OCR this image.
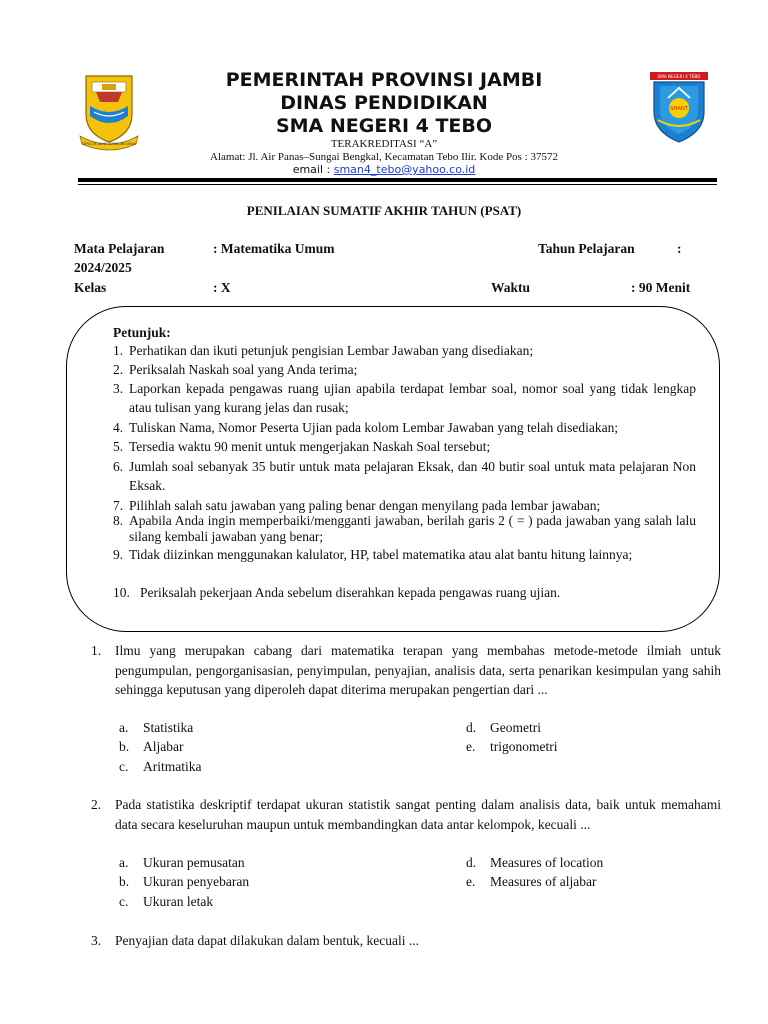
SEPUCUK JAMBI SEMBILAN LURAH
SMA NEGERI 4 TEBO
SMANT
PEMERINTAH PROVINSI JAMBI
DINAS PENDIDIKAN
SMA NEGERI 4 TEBO
TERAKREDITASI “A”
Alamat: Jl. Air Panas–Sungai Bengkal, Kecamatan Tebo Ilir. Kode Pos : 37572
email : sman4_tebo@yahoo.co.id
PENILAIAN SUMATIF AKHIR TAHUN (PSAT)
Mata Pelajaran	: Matematika Umum	Tahun Pelajaran	:
2024/2025
Kelas	: X	Waktu	: 90 Menit
Petunjuk:
1. Perhatikan dan ikuti petunjuk pengisian Lembar Jawaban yang disediakan;
2. Periksalah Naskah soal yang Anda terima;
3. Laporkan kepada pengawas ruang ujian apabila terdapat lembar soal, nomor soal yang tidak lengkap atau tulisan yang kurang jelas dan rusak;
4. Tuliskan Nama, Nomor Peserta Ujian pada kolom Lembar Jawaban yang telah disediakan;
5. Tersedia waktu 90 menit untuk mengerjakan Naskah Soal tersebut;
6. Jumlah soal sebanyak 35 butir untuk mata pelajaran Eksak, dan 40 butir soal untuk mata pelajaran Non Eksak.
7. Pilihlah salah satu jawaban yang paling benar dengan menyilang pada lembar jawaban;
8. Apabila Anda ingin memperbaiki/mengganti jawaban, berilah garis 2 ( = ) pada jawaban yang salah lalu silang kembali jawaban yang benar;
9. Tidak diizinkan menggunakan kalulator, HP, tabel matematika atau alat bantu hitung lainnya;
10. Periksalah pekerjaan Anda sebelum diserahkan kepada pengawas ruang ujian.
1. Ilmu yang merupakan cabang dari matematika terapan yang membahas metode-metode ilmiah untuk pengumpulan, pengorganisasian, penyimpulan, penyajian, analisis data, serta penarikan kesimpulan yang sahih sehingga keputusan yang diperoleh dapat diterima merupakan pengertian dari ...
a. Statistika
b. Aljabar
c. Aritmatika
d. Geometri
e. trigonometri
2. Pada statistika deskriptif terdapat ukuran statistik sangat penting dalam analisis data, baik untuk memahami data secara keseluruhan maupun untuk membandingkan data antar kelompok, kecuali ...
a. Ukuran pemusatan
b. Ukuran penyebaran
c. Ukuran letak
d. Measures of location
e. Measures of aljabar
3. Penyajian data dapat dilakukan dalam bentuk, kecuali ...
